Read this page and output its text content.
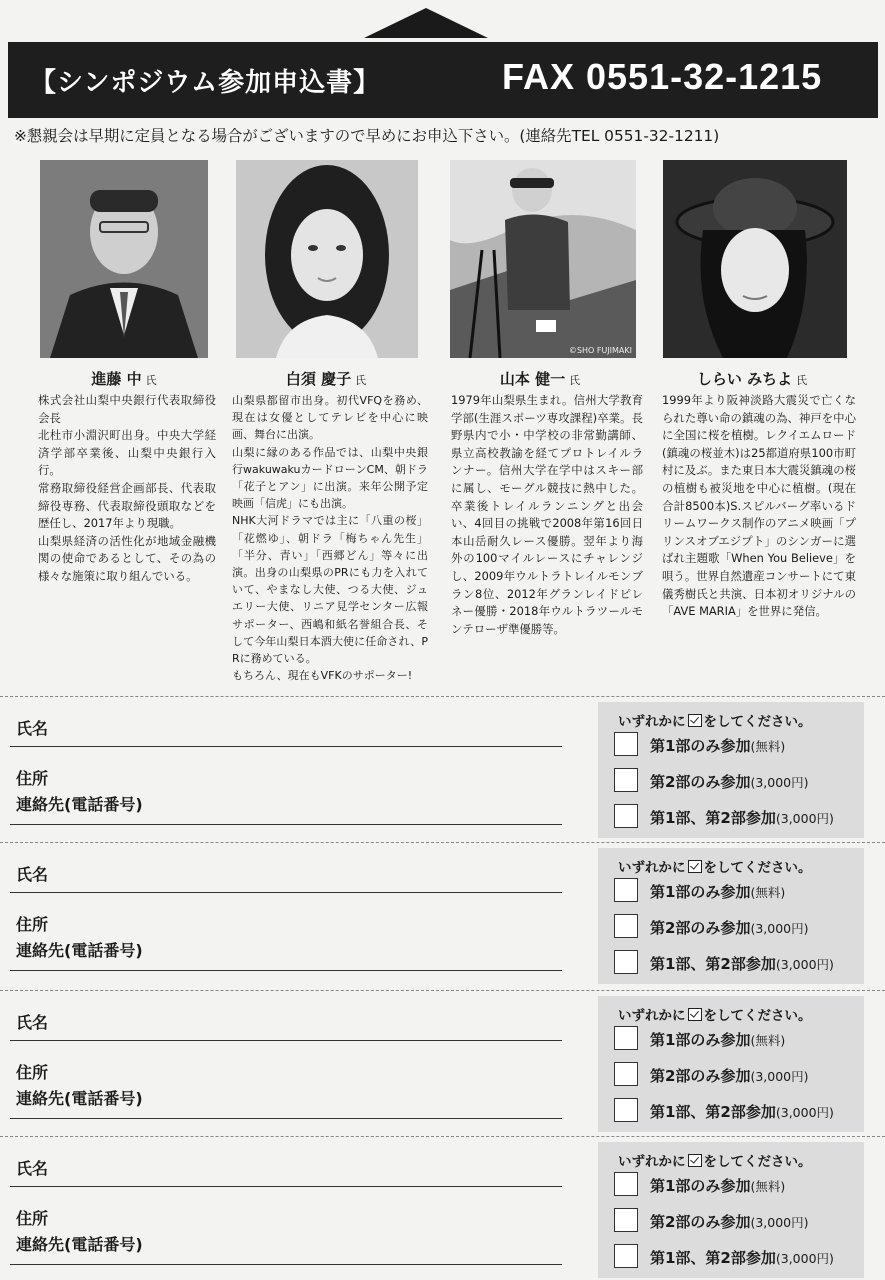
【シンポジウム参加申込書】	FAX 0551-32-1215
※懇親会は早期に定員となる場合がございますので早めにお申込下さい。(連絡先TEL 0551-32-1211)
©SHO FUJIMAKI
進藤 中 氏	白須 慶子 氏	山本 健一 氏	しらい みちよ 氏
株式会社山梨中央銀行代表取締役会長
北杜市小淵沢町出身。中央大学経済学部卒業後、山梨中央銀行入行。
常務取締役経営企画部長、代表取締役専務、代表取締役頭取などを歴任し、2017年より現職。
山梨県経済の活性化が地域金融機関の使命であるとして、その為の様々な施策に取り組んでいる。
山梨県都留市出身。初代VFQを務め、現在は女優としてテレビを中心に映画、舞台に出演。
山梨に縁のある作品では、山梨中央銀行wakuwakuカードローンCM、朝ドラ「花子とアン」に出演。来年公開予定映画「信虎」にも出演。
NHK大河ドラマでは主に「八重の桜」「花燃ゆ」、朝ドラ「梅ちゃん先生」「半分、青い」「西郷どん」等々に出演。出身の山梨県のPRにも力を入れていて、やまなし大使、つる大使、ジュエリー大使、リニア見学センター広報サポーター、西嶋和紙名誉組合長、そして今年山梨日本酒大使に任命され、PRに務めている。
もちろん、現在もVFKのサポーター!
1979年山梨県生まれ。信州大学教育学部(生涯スポーツ専攻課程)卒業。長野県内で小・中学校の非常勤講師、県立高校教諭を経てプロトレイルランナー。信州大学在学中はスキー部に属し、モーグル競技に熱中した。卒業後トレイルランニングと出会い、4回目の挑戦で2008年第16回日本山岳耐久レース優勝。翌年より海外の100マイルレースにチャレンジし、2009年ウルトラトレイルモンブラン8位、2012年グランレイドピレネー優勝・2018年ウルトラツールモンテローザ準優勝等。
1999年より阪神淡路大震災で亡くなられた尊い命の鎮魂の為、神戸を中心に全国に桜を植樹。レクイエムロード(鎮魂の桜並木)は25都道府県100市町村に及ぶ。また東日本大震災鎮魂の桜の植樹も被災地を中心に植樹。(現在合計8500本)S.スピルバーグ率いるドリームワークス制作のアニメ映画「プリンスオブエジプト」のシンガーに選ばれ主題歌「When You Believe」を唄う。世界自然遺産コンサートにて東儀秀樹氏と共演、日本初オリジナルの「AVE MARIA」を世界に発信。
氏名
住所
連絡先(電話番号)
いずれかに をしてください。
第1部のみ参加(無料)
第2部のみ参加(3,000円)
第1部、第2部参加(3,000円)
氏名
住所
連絡先(電話番号)
いずれかに をしてください。
第1部のみ参加(無料)
第2部のみ参加(3,000円)
第1部、第2部参加(3,000円)
氏名
住所
連絡先(電話番号)
いずれかに をしてください。
第1部のみ参加(無料)
第2部のみ参加(3,000円)
第1部、第2部参加(3,000円)
氏名
住所
連絡先(電話番号)
いずれかに をしてください。
第1部のみ参加(無料)
第2部のみ参加(3,000円)
第1部、第2部参加(3,000円)
